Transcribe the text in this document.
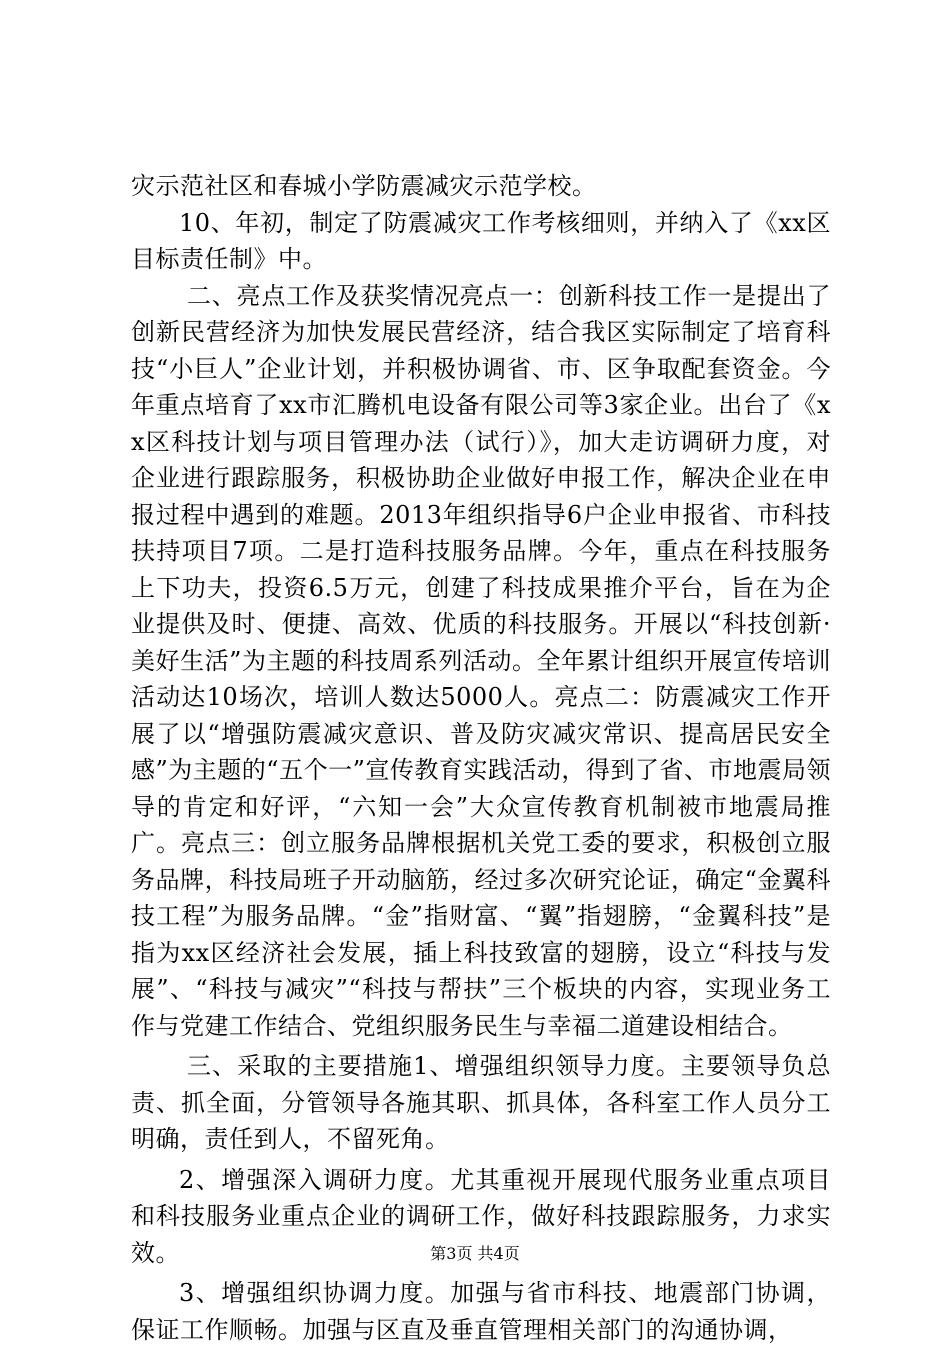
灾示范社区和春城小学防震减灾示范学校。

10、年初，制定了防震减灾工作考核细则，并纳入了《xx区目标责任制》中。

二、亮点工作及获奖情况亮点一：创新科技工作一是提出了创新民营经济为加快发展民营经济，结合我区实际制定了培育科技“小巨人”企业计划，并积极协调省、市、区争取配套资金。今年重点培育了xx市汇腾机电设备有限公司等3家企业。出台了《xx区科技计划与项目管理办法（试行）》，加大走访调研力度，对企业进行跟踪服务，积极协助企业做好申报工作，解决企业在申报过程中遇到的难题。2013年组织指导6户企业申报省、市科技扶持项目7项。二是打造科技服务品牌。今年，重点在科技服务上下功夫，投资6.5万元，创建了科技成果推介平台，旨在为企业提供及时、便捷、高效、优质的科技服务。开展以“科技创新·美好生活”为主题的科技周系列活动。全年累计组织开展宣传培训活动达10场次，培训人数达5000人。亮点二：防震减灾工作开展了以“增强防震减灾意识、普及防灾减灾常识、提高居民安全感”为主题的“五个一”宣传教育实践活动，得到了省、市地震局领导的肯定和好评，“六知一会”大众宣传教育机制被市地震局推广。亮点三：创立服务品牌根据机关党工委的要求，积极创立服务品牌，科技局班子开动脑筋，经过多次研究论证，确定“金翼科技工程”为服务品牌。“金”指财富、“翼”指翅膀，“金翼科技”是指为xx区经济社会发展，插上科技致富的翅膀，设立“科技与发展”、“科技与减灾”“科技与帮扶”三个板块的内容，实现业务工作与党建工作结合、党组织服务民生与幸福二道建设相结合。

三、采取的主要措施1、增强组织领导力度。主要领导负总责、抓全面，分管领导各施其职、抓具体，各科室工作人员分工明确，责任到人，不留死角。

2、增强深入调研力度。尤其重视开展现代服务业重点项目和科技服务业重点企业的调研工作，做好科技跟踪服务，力求实效。

3、增强组织协调力度。加强与省市科技、地震部门协调，保证工作顺畅。加强与区直及垂直管理相关部门的沟通协调，

第3页 共4页
